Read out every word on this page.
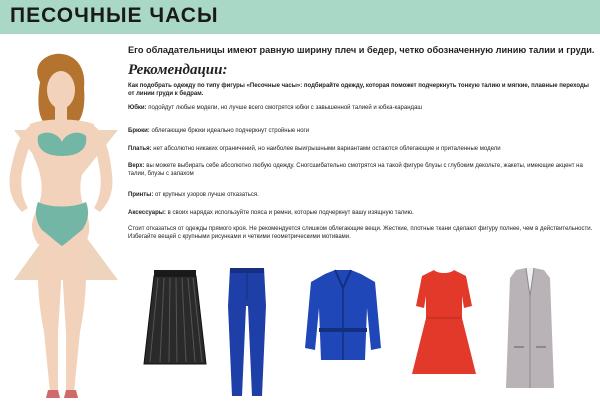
ПЕСОЧНЫЕ ЧАСЫ
Его обладательницы имеют равную ширину плеч и бедер, четко обозначенную линию талии и груди.
Рекомендации:
Как подобрать одежду по типу фигуры «Песочные часы»: подбирайте одежду, которая поможет подчеркнуть тонкую талию и мягкие, плавные переходы от линии груди к бедрам.
Юбки: подойдут любые модели, но лучше всего смотрятся юбки с завышенной талией и юбка-карандаш
Брюки: облегающие брюки идеально подчеркнут стройные ноги
Платья: нет абсолютно никаких ограничений, но наиболее выигрышными вариантами остаются облегающие и приталенные модели
Верх: вы можете выбирать себе абсолютно любую одежду. Сногсшибательно смотрятся на такой фигуре блузы с глубоким декольте, жакеты, имеющие акцент на талии, блузы с запахом
Принты: от крупных узоров лучше отказаться.
Аксессуары: в своих нарядах используйте пояса и ремни, которые подчеркнут вашу изящную талию.
Стоит отказаться от одежды прямого кроя. Не рекомендуется слишком облегающие вещи. Жесткие, плотные ткани сделают фигуру полнее, чем в действительности.
Избегайте вещей с крупными рисунками и четкими геометрическими мотивами.
